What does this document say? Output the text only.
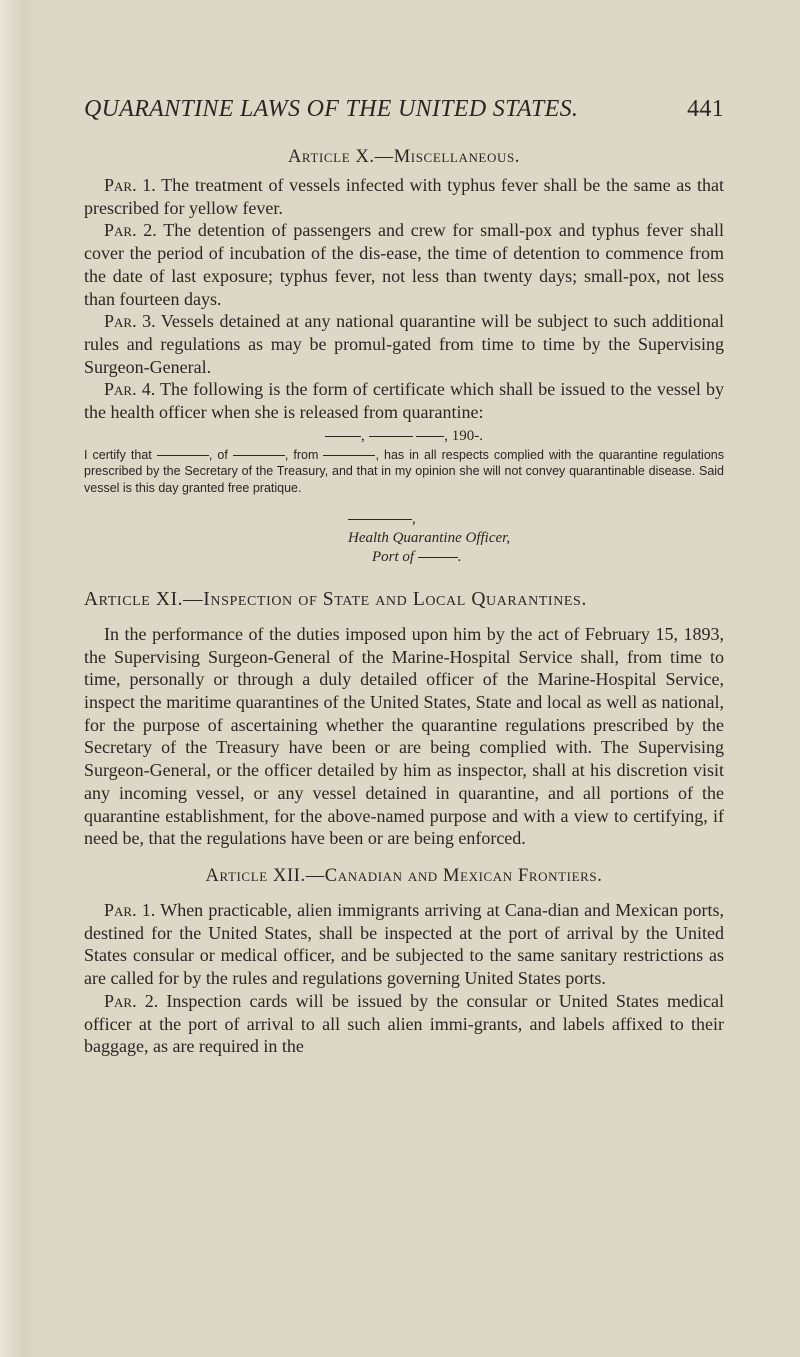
QUARANTINE LAWS OF THE UNITED STATES.	441
Article X.—Miscellaneous.

Par. 1. The treatment of vessels infected with typhus fever shall be the same as that prescribed for yellow fever.

Par. 2. The detention of passengers and crew for small-pox and typhus fever shall cover the period of incubation of the dis-ease, the time of detention to commence from the date of last exposure; typhus fever, not less than twenty days; small-pox, not less than fourteen days.

Par. 3. Vessels detained at any national quarantine will be subject to such additional rules and regulations as may be promul-gated from time to time by the Supervising Surgeon-General.

Par. 4. The following is the form of certificate which shall be issued to the vessel by the health officer when she is released from quarantine:

,	, 190-.

I certify that	, of	, from	, has in all respects complied with the quarantine regulations prescribed by the Secretary of the Treasury, and that in my opinion she will not convey quarantinable disease. Said vessel is this day granted free pratique.

,
Health Quarantine Officer,
Port of	.
Article XI.—Inspection of State and Local Quarantines.

In the performance of the duties imposed upon him by the act of February 15, 1893, the Supervising Surgeon-General of the Marine-Hospital Service shall, from time to time, personally or through a duly detailed officer of the Marine-Hospital Service, inspect the maritime quarantines of the United States, State and local as well as national, for the purpose of ascertaining whether the quarantine regulations prescribed by the Secretary of the Treasury have been or are being complied with. The Supervising Surgeon-General, or the officer detailed by him as inspector, shall at his discretion visit any incoming vessel, or any vessel detained in quarantine, and all portions of the quarantine establishment, for the above-named purpose and with a view to certifying, if need be, that the regulations have been or are being enforced.

Article XII.—Canadian and Mexican Frontiers.

Par. 1. When practicable, alien immigrants arriving at Cana-dian and Mexican ports, destined for the United States, shall be inspected at the port of arrival by the United States consular or medical officer, and be subjected to the same sanitary restrictions as are called for by the rules and regulations governing United States ports.

Par. 2. Inspection cards will be issued by the consular or United States medical officer at the port of arrival to all such alien immi-grants, and labels affixed to their baggage, as are required in the
